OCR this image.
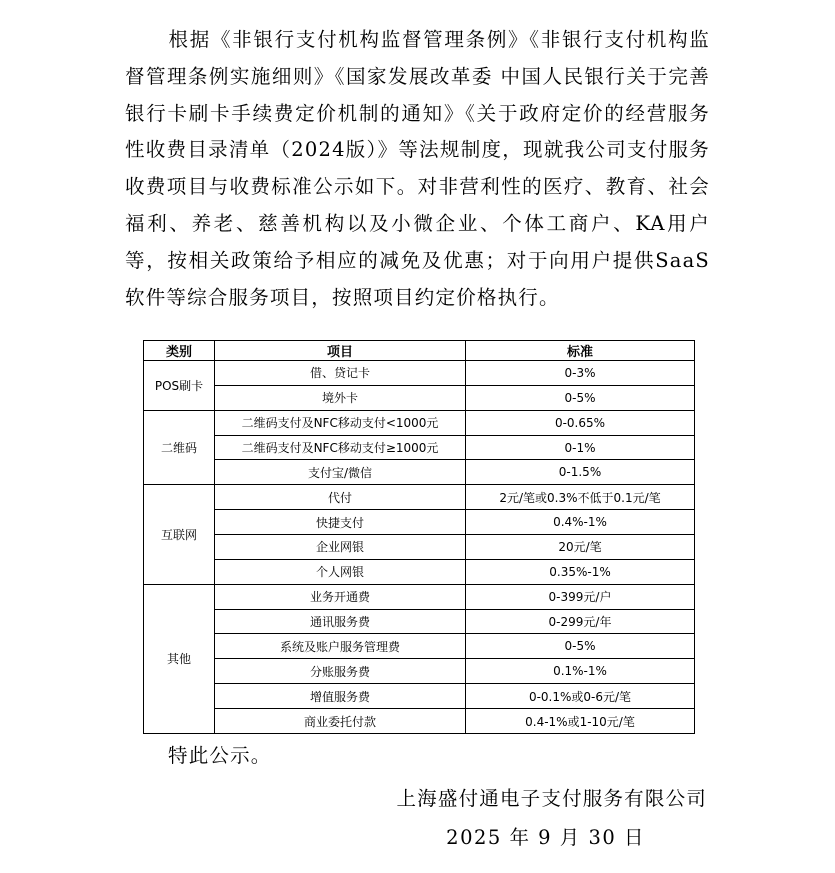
根据《非银行支付机构监督管理条例》《非银行支付机构监督管理条例实施细则》《国家发展改革委 中国人民银行关于完善银行卡刷卡手续费定价机制的通知》《关于政府定价的经营服务性收费目录清单（2024版）》等法规制度，现就我公司支付服务收费项目与收费标准公示如下。对非营利性的医疗、教育、社会福利、养老、慈善机构以及小微企业、个体工商户、KA用户等，按相关政策给予相应的减免及优惠；对于向用户提供SaaS软件等综合服务项目，按照项目约定价格执行。

类别	项目	标准
POS刷卡	借、贷记卡	0-3%
	境外卡	0-5%
二维码	二维码支付及NFC移动支付<1000元	0-0.65%
	二维码支付及NFC移动支付≥1000元	0-1%
	支付宝/微信	0-1.5%
互联网	代付	2元/笔或0.3%不低于0.1元/笔
	快捷支付	0.4%-1%
	企业网银	20元/笔
	个人网银	0.35%-1%
其他	业务开通费	0-399元/户
	通讯服务费	0-299元/年
	系统及账户服务管理费	0-5%
	分账服务费	0.1%-1%
	增值服务费	0-0.1%或0-6元/笔
	商业委托付款	0.4-1%或1-10元/笔

特此公示。

上海盛付通电子支付服务有限公司

2025 年 9 月 30 日
